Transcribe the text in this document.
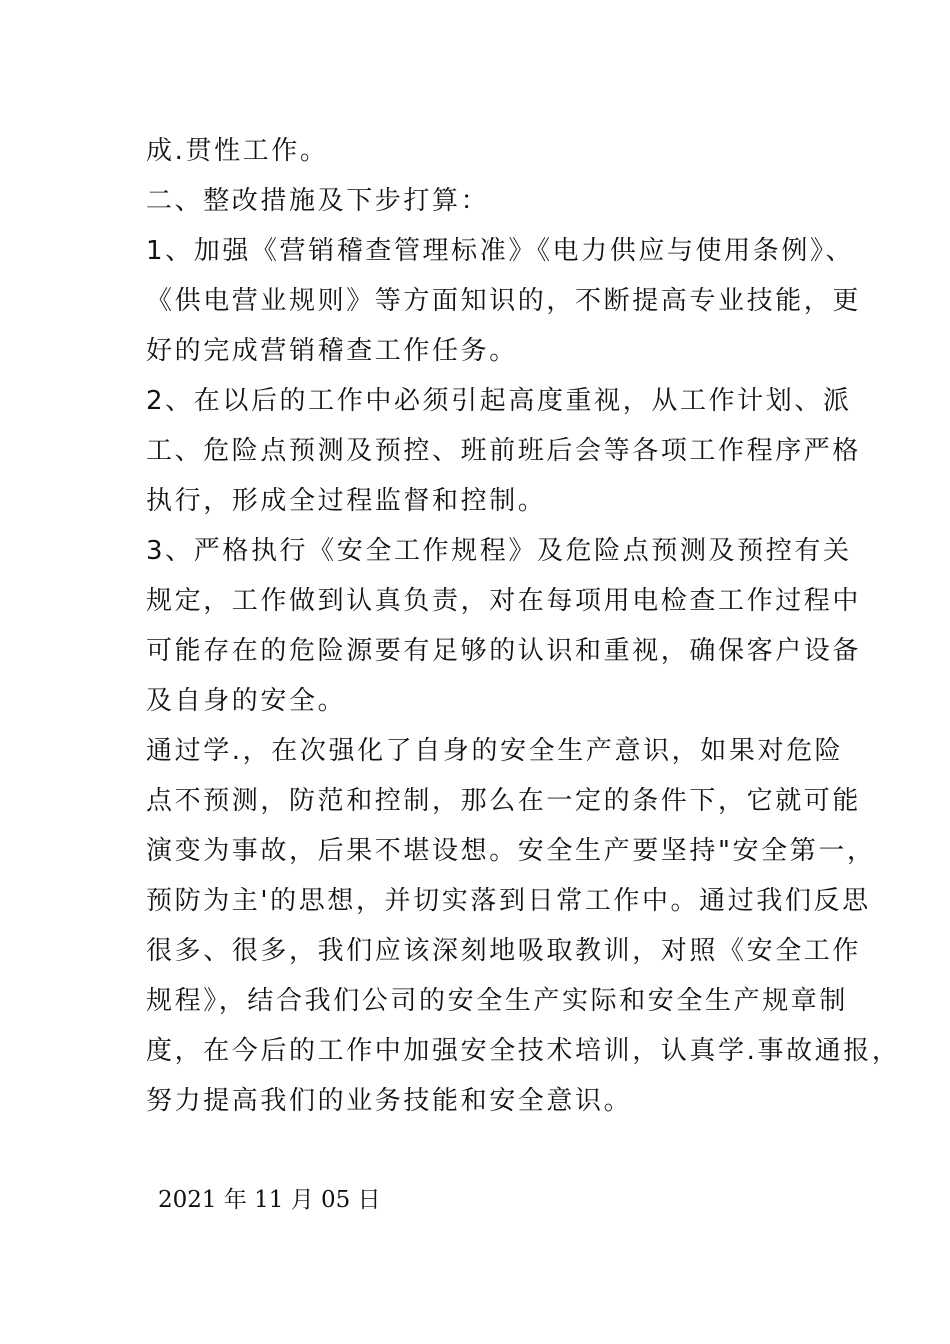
成.贯性工作。
二、整改措施及下步打算：
1、加强《营销稽查管理标准》《电力供应与使用条例》、
《供电营业规则》等方面知识的，不断提高专业技能，更
好的完成营销稽查工作任务。
2、在以后的工作中必须引起高度重视，从工作计划、派
工、危险点预测及预控、班前班后会等各项工作程序严格
执行，形成全过程监督和控制。
3、严格执行《安全工作规程》及危险点预测及预控有关
规定，工作做到认真负责，对在每项用电检查工作过程中
可能存在的危险源要有足够的认识和重视，确保客户设备
及自身的安全。
通过学.，在次强化了自身的安全生产意识，如果对危险
点不预测，防范和控制，那么在一定的条件下，它就可能
演变为事故，后果不堪设想。安全生产要坚持"安全第一，
预防为主'的思想，并切实落到日常工作中。通过我们反思
很多、很多，我们应该深刻地吸取教训，对照《安全工作
规程》，结合我们公司的安全生产实际和安全生产规章制
度，在今后的工作中加强安全技术培训，认真学.事故通报，
努力提高我们的业务技能和安全意识。
2021 年 11 月 05 日
